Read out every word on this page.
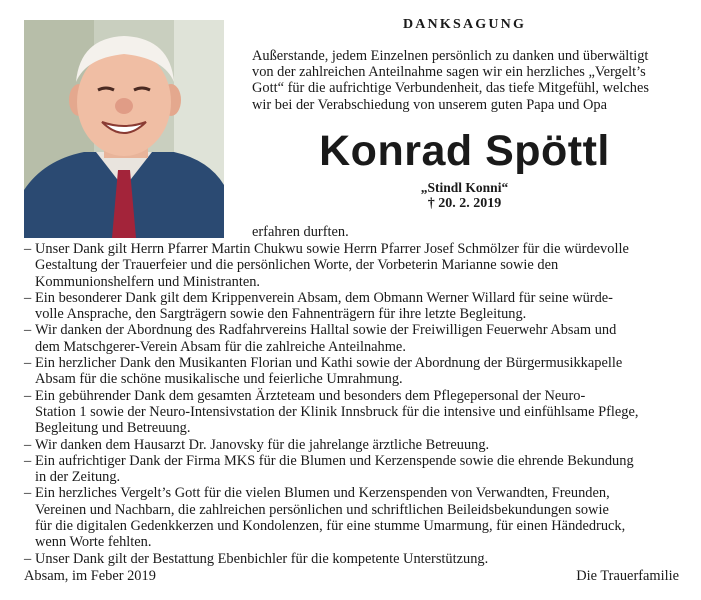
DANKSAGUNG
Außerstande, jedem Einzelnen persönlich zu danken und überwältigt
von der zahlreichen Anteilnahme sagen wir ein herzliches „Vergelt’s
Gott“ für die aufrichtige Verbundenheit, das tiefe Mitgefühl, welches
wir bei der Verabschiedung von unserem guten Papa und Opa
Konrad Spöttl
„Stindl Konni“
† 20. 2. 2019
erfahren durften.
– Unser Dank gilt Herrn Pfarrer Martin Chukwu sowie Herrn Pfarrer Josef Schmölzer für die würdevolle
Gestaltung der Trauerfeier und die persönlichen Worte, der Vorbeterin Marianne sowie den
Kommunionshelfern und Ministranten.
– Ein besonderer Dank gilt dem Krippenverein Absam, dem Obmann Werner Willard für seine würde-
volle Ansprache, den Sargträgern sowie den Fahnenträgern für ihre letzte Begleitung.
– Wir danken der Abordnung des Radfahrvereins Halltal sowie der Freiwilligen Feuerwehr Absam und
dem Matschgerer-Verein Absam für die zahlreiche Anteilnahme.
– Ein herzlicher Dank den Musikanten Florian und Kathi sowie der Abordnung der Bürgermusikkapelle
Absam für die schöne musikalische und feierliche Umrahmung.
– Ein gebührender Dank dem gesamten Ärzteteam und besonders dem Pflegepersonal der Neuro-
Station 1 sowie der Neuro-Intensivstation der Klinik Innsbruck für die intensive und einfühlsame Pflege,
Begleitung und Betreuung.
– Wir danken dem Hausarzt Dr. Janovsky für die jahrelange ärztliche Betreuung.
– Ein aufrichtiger Dank der Firma MKS für die Blumen und Kerzenspende sowie die ehrende Bekundung
in der Zeitung.
– Ein herzliches Vergelt’s Gott für die vielen Blumen und Kerzenspenden von Verwandten, Freunden,
Vereinen und Nachbarn, die zahlreichen persönlichen und schriftlichen Beileidsbekundungen sowie
für die digitalen Gedenkkerzen und Kondolenzen, für eine stumme Umarmung, für einen Händedruck,
wenn Worte fehlten.
– Unser Dank gilt der Bestattung Ebenbichler für die kompetente Unterstützung.
Absam, im Feber 2019	Die Trauerfamilie
